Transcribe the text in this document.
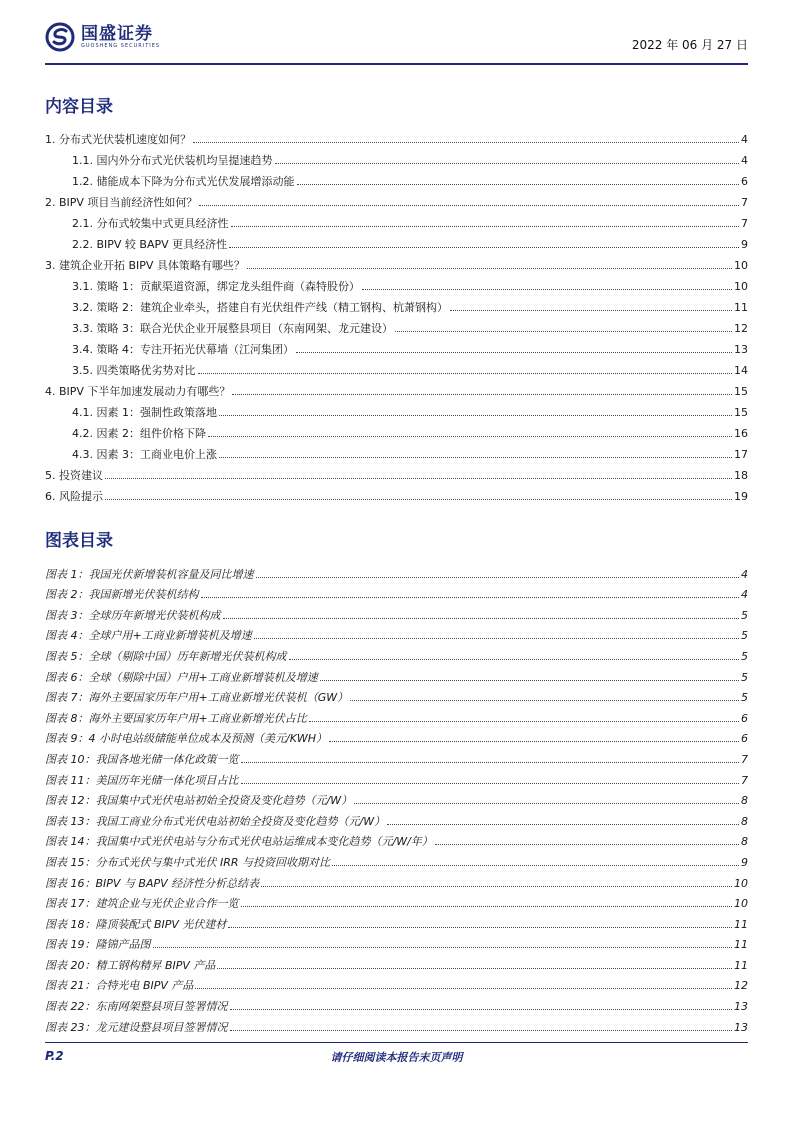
国盛证券
GUOSHENG SECURITIES	2022 年 06 月 27 日
内容目录
1. 分布式光伏装机速度如何？	4
1.1. 国内外分布式光伏装机均呈提速趋势	4
1.2. 储能成本下降为分布式光伏发展增添动能	6
2. BIPV 项目当前经济性如何？	7
2.1. 分布式较集中式更具经济性	7
2.2. BIPV 较 BAPV 更具经济性	9
3. 建筑企业开拓 BIPV 具体策略有哪些？	10
3.1. 策略 1：贡献渠道资源，绑定龙头组件商（森特股份）	10
3.2. 策略 2：建筑企业牵头，搭建自有光伏组件产线（精工钢构、杭萧钢构）	11
3.3. 策略 3：联合光伏企业开展整县项目（东南网架、龙元建设）	12
3.4. 策略 4：专注开拓光伏幕墙（江河集团）	13
3.5. 四类策略优劣势对比	14
4. BIPV 下半年加速发展动力有哪些？	15
4.1. 因素 1：强制性政策落地	15
4.2. 因素 2：组件价格下降	16
4.3. 因素 3：工商业电价上涨	17
5. 投资建议	18
6. 风险提示	19
图表目录
图表 1：我国光伏新增装机容量及同比增速	4
图表 2：我国新增光伏装机结构	4
图表 3：全球历年新增光伏装机构成	5
图表 4：全球户用+工商业新增装机及增速	5
图表 5：全球（剔除中国）历年新增光伏装机构成	5
图表 6：全球（剔除中国）户用+工商业新增装机及增速	5
图表 7：海外主要国家历年户用+工商业新增光伏装机（GW）	5
图表 8：海外主要国家历年户用+工商业新增光伏占比	6
图表 9：4 小时电站级储能单位成本及预测（美元/KWH）	6
图表 10：我国各地光储一体化政策一览	7
图表 11：美国历年光储一体化项目占比	7
图表 12：我国集中式光伏电站初始全投资及变化趋势（元/W）	8
图表 13：我国工商业分布式光伏电站初始全投资及变化趋势（元/W）	8
图表 14：我国集中式光伏电站与分布式光伏电站运维成本变化趋势（元/W/年）	8
图表 15：分布式光伏与集中式光伏 IRR 与投资回收期对比	9
图表 16：BIPV 与 BAPV 经济性分析总结表	10
图表 17：建筑企业与光伏企业合作一览	10
图表 18：隆顶装配式 BIPV 光伏建材	11
图表 19：隆锦产品图	11
图表 20：精工钢构精昇 BIPV 产品	11
图表 21：合特光电 BIPV 产品	12
图表 22：东南网架整县项目签署情况	13
图表 23：龙元建设整县项目签署情况	13
P.2	请仔细阅读本报告末页声明
